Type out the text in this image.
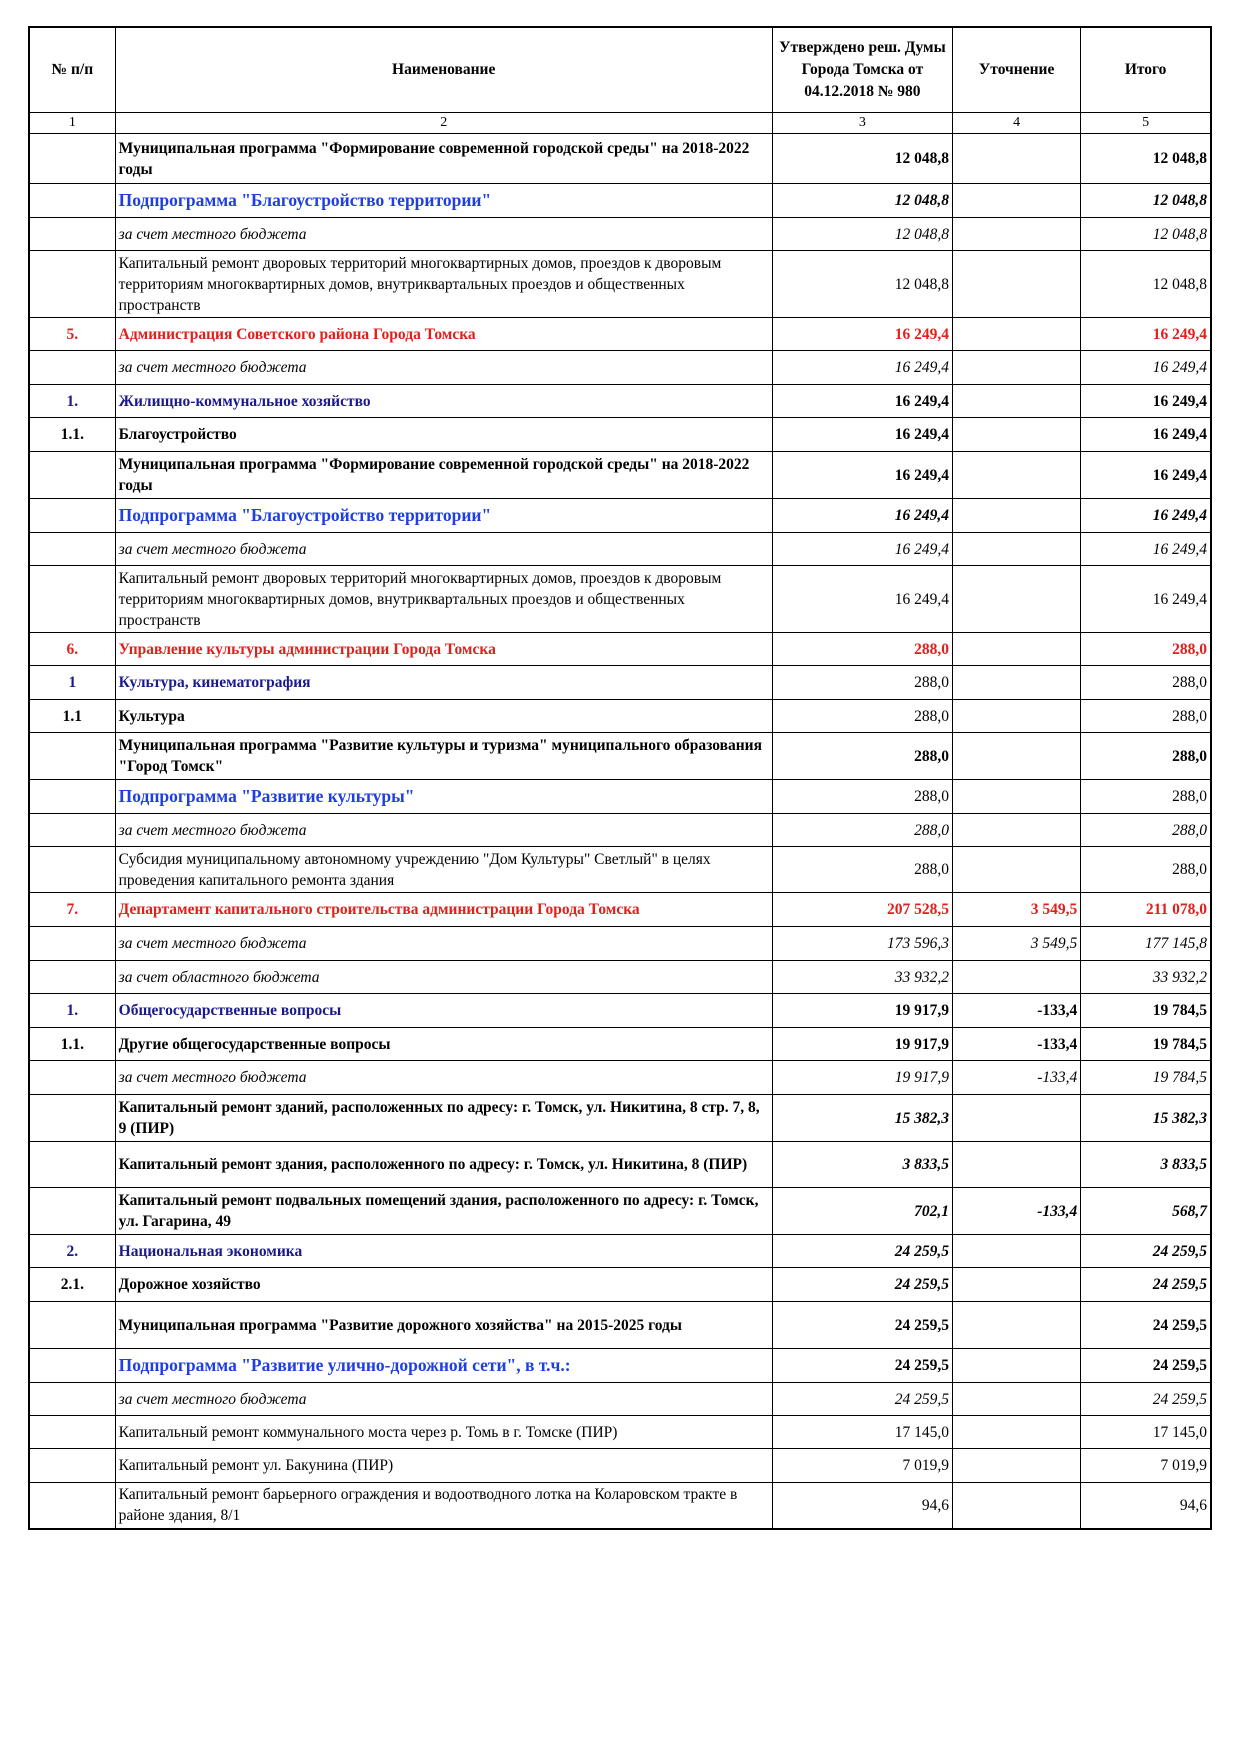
№ п/п	Наименование	Утверждено реш. Думы Города Томска от 04.12.2018 № 980	Уточнение	Итого
1	2	3	4	5
	Муниципальная программа "Формирование современной городской среды" на 2018-2022 годы	12 048,8		12 048,8
	Подпрограмма "Благоустройство территории"	12 048,8		12 048,8
	за счет местного бюджета	12 048,8		12 048,8
	Капитальный ремонт дворовых территорий многоквартирных домов, проездов к дворовым территориям многоквартирных домов, внутриквартальных проездов и общественных пространств	12 048,8		12 048,8
5.	Администрация Советского района Города Томска	16 249,4		16 249,4
	за счет местного бюджета	16 249,4		16 249,4
1.	Жилищно-коммунальное хозяйство	16 249,4		16 249,4
1.1.	Благоустройство	16 249,4		16 249,4
	Муниципальная программа "Формирование современной городской среды" на 2018-2022 годы	16 249,4		16 249,4
	Подпрограмма "Благоустройство территории"	16 249,4		16 249,4
	за счет местного бюджета	16 249,4		16 249,4
	Капитальный ремонт дворовых территорий многоквартирных домов, проездов к дворовым территориям многоквартирных домов, внутриквартальных проездов и общественных пространств	16 249,4		16 249,4
6.	Управление культуры администрации Города Томска	288,0		288,0
1	Культура, кинематография	288,0		288,0
1.1	Культура	288,0		288,0
	Муниципальная программа "Развитие культуры и туризма" муниципального образования "Город Томск"	288,0		288,0
	Подпрограмма "Развитие культуры"	288,0		288,0
	за счет местного бюджета	288,0		288,0
	Субсидия муниципальному автономному учреждению "Дом Культуры" Светлый" в целях проведения капитального ремонта здания	288,0		288,0
7.	Департамент капитального строительства администрации Города Томска	207 528,5	3 549,5	211 078,0
	за счет местного бюджета	173 596,3	3 549,5	177 145,8
	за счет областного бюджета	33 932,2		33 932,2
1.	Общегосударственные вопросы	19 917,9	-133,4	19 784,5
1.1.	Другие общегосударственные вопросы	19 917,9	-133,4	19 784,5
	за счет местного бюджета	19 917,9	-133,4	19 784,5
	Капитальный ремонт зданий, расположенных по адресу: г. Томск, ул. Никитина, 8 стр. 7, 8, 9 (ПИР)	15 382,3		15 382,3
	Капитальный ремонт здания, расположенного по адресу: г. Томск, ул. Никитина, 8 (ПИР)	3 833,5		3 833,5
	Капитальный ремонт подвальных помещений здания, расположенного по адресу: г. Томск, ул. Гагарина, 49	702,1	-133,4	568,7
2.	Национальная экономика	24 259,5		24 259,5
2.1.	Дорожное хозяйство	24 259,5		24 259,5
	Муниципальная программа "Развитие дорожного хозяйства" на 2015-2025 годы	24 259,5		24 259,5
	Подпрограмма "Развитие улично-дорожной сети", в т.ч.:	24 259,5		24 259,5
	за счет местного бюджета	24 259,5		24 259,5
	Капитальный ремонт коммунального моста через р. Томь в г. Томске (ПИР)	17 145,0		17 145,0
	Капитальный ремонт ул. Бакунина (ПИР)	7 019,9		7 019,9
	Капитальный ремонт барьерного ограждения и водоотводного лотка на Коларовском тракте в районе здания, 8/1	94,6		94,6
